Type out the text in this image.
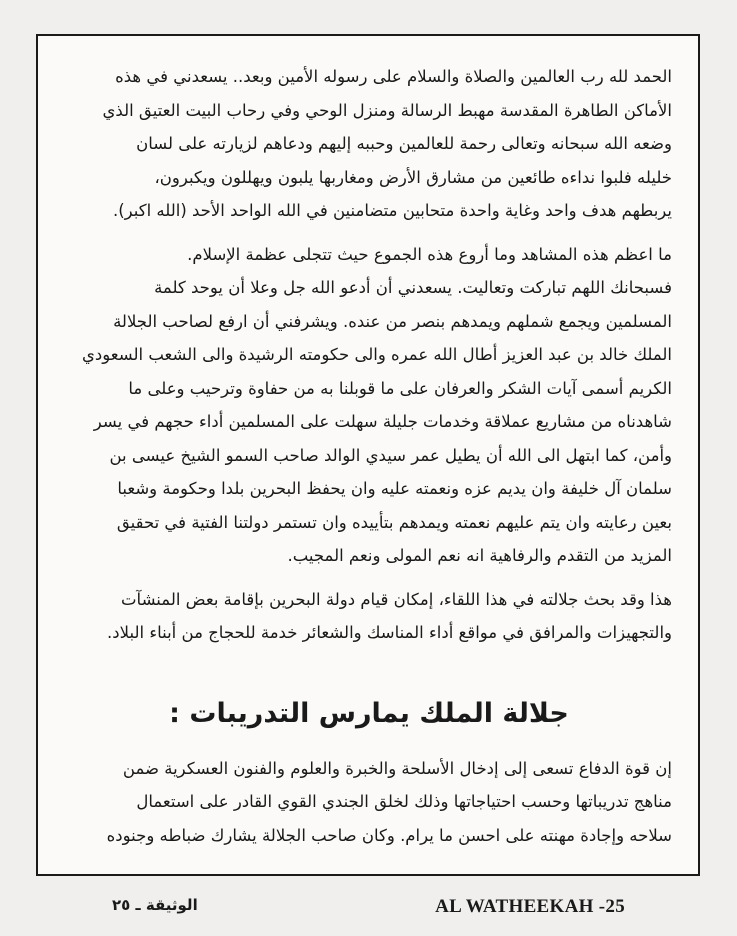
الحمد لله رب العالمين والصلاة والسلام على رسوله الأمين وبعد.. يسعدني في هذه

الأماكن الطاهرة المقدسة مهبط الرسالة ومنزل الوحي وفي رحاب البيت العتيق الذي

وضعه الله سبحانه وتعالى رحمة للعالمين وحببه إليهم ودعاهم لزيارته على لسان

خليله فلبوا نداءه طائعين من مشارق الأرض ومغاربها يلبون ويهللون ويكبرون،

يربطهم هدف واحد وغاية واحدة متحابين متضامنين في الله الواحد الأحد (الله اكبر).

ما اعظم هذه المشاهد وما أروع هذه الجموع حيث تتجلى عظمة الإسلام.

فسبحانك اللهم تباركت وتعاليت. يسعدني أن أدعو الله جل وعلا أن يوحد كلمة

المسلمين ويجمع شملهم ويمدهم بنصر من عنده. ويشرفني أن ارفع لصاحب الجلالة

الملك خالد بن عبد العزيز أطال الله عمره والى حكومته الرشيدة والى الشعب السعودي

الكريم أسمى آيات الشكر والعرفان على ما قوبلنا به من حفاوة وترحيب وعلى ما

شاهدناه من مشاريع عملاقة وخدمات جليلة سهلت على المسلمين أداء حجهم في يسر

وأمن، كما ابتهل الى الله أن يطيل عمر سيدي الوالد صاحب السمو الشيخ عيسى بن

سلمان آل خليفة وان يديم عزه ونعمته عليه وان يحفظ البحرين بلدا وحكومة وشعبا

بعين رعايته وان يتم عليهم نعمته ويمدهم بتأييده وان تستمر دولتنا الفتية في تحقيق

المزيد من التقدم والرفاهية انه نعم المولى ونعم المجيب.

هذا وقد بحث جلالته في هذا اللقاء، إمكان قيام دولة البحرين بإقامة بعض المنشآت

والتجهيزات والمرافق في مواقع أداء المناسك والشعائر خدمة للحجاج من أبناء البلاد.

جلالة الملك يمارس التدريبات :

إن قوة الدفاع تسعى إلى إدخال الأسلحة والخبرة والعلوم والفنون العسكرية ضمن

مناهج تدريباتها وحسب احتياجاتها وذلك لخلق الجندي القوي القادر على استعمال

سلاحه وإجادة مهنته على احسن ما يرام. وكان صاحب الجلالة يشارك ضباطه وجنوده

الوثيقة ـ ٢٥	AL WATHEEKAH -25
